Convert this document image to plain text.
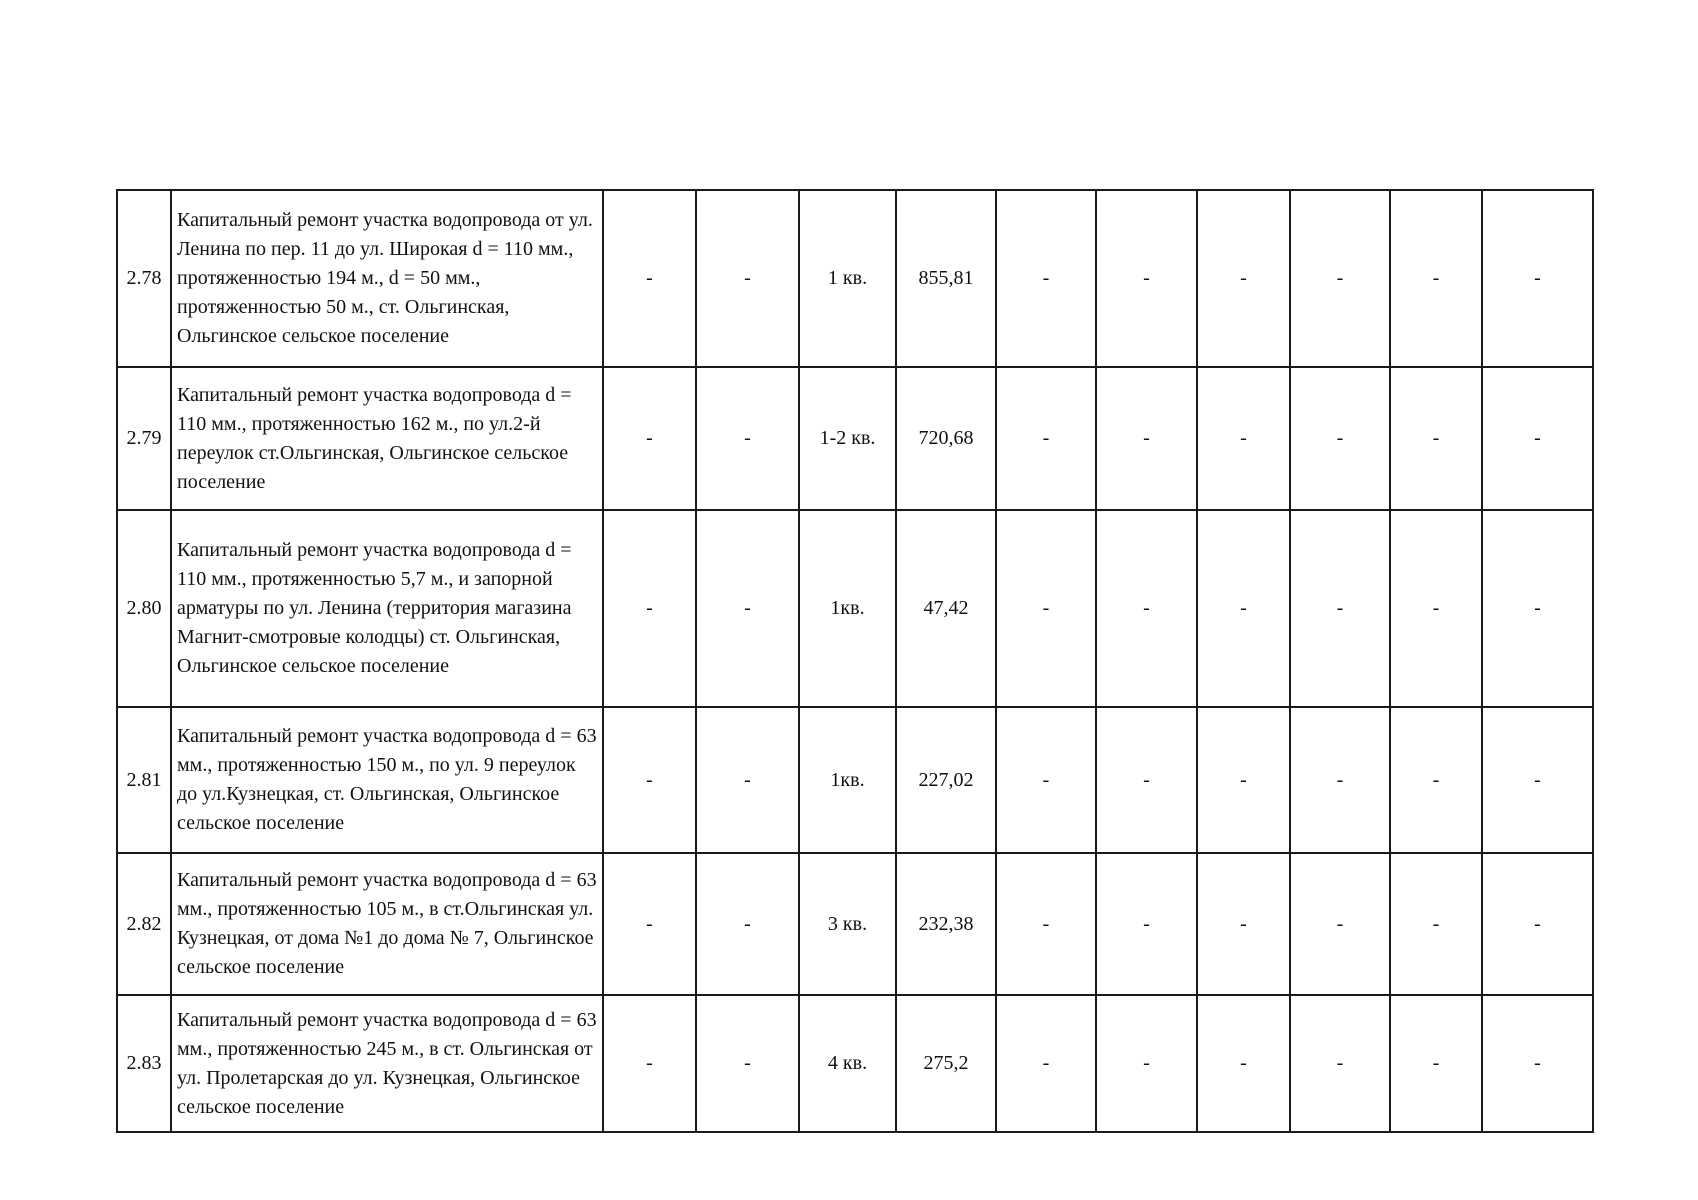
2.78	Капитальный ремонт участка водопровода от ул. Ленина по пер. 11 до ул. Широкая d = 110 мм., протяженностью 194 м., d = 50 мм., протяженностью 50 м., ст. Ольгинская, Ольгинское сельское поселение	-	-	1 кв.	855,81	-	-	-	-	-	-
2.79	Капитальный ремонт участка водопровода d = 110 мм., протяженностью 162 м., по ул.2-й переулок ст.Ольгинская, Ольгинское сельское поселение	-	-	1-2 кв.	720,68	-	-	-	-	-	-
2.80	Капитальный ремонт участка водопровода d = 110 мм., протяженностью 5,7 м., и запорной арматуры по ул. Ленина (территория магазина Магнит-смотровые колодцы) ст. Ольгинская, Ольгинское сельское поселение	-	-	1кв.	47,42	-	-	-	-	-	-
2.81	Капитальный ремонт участка водопровода d = 63 мм., протяженностью 150 м., по ул. 9 переулок до ул.Кузнецкая, ст. Ольгинская, Ольгинское сельское поселение	-	-	1кв.	227,02	-	-	-	-	-	-
2.82	Капитальный ремонт участка водопровода d = 63 мм., протяженностью 105 м., в ст.Ольгинская ул. Кузнецкая, от дома №1 до дома № 7, Ольгинское сельское поселение	-	-	3 кв.	232,38	-	-	-	-	-	-
2.83	Капитальный ремонт участка водопровода d = 63 мм., протяженностью 245 м., в ст. Ольгинская от ул. Пролетарская до ул. Кузнецкая, Ольгинское сельское поселение	-	-	4 кв.	275,2	-	-	-	-	-	-
